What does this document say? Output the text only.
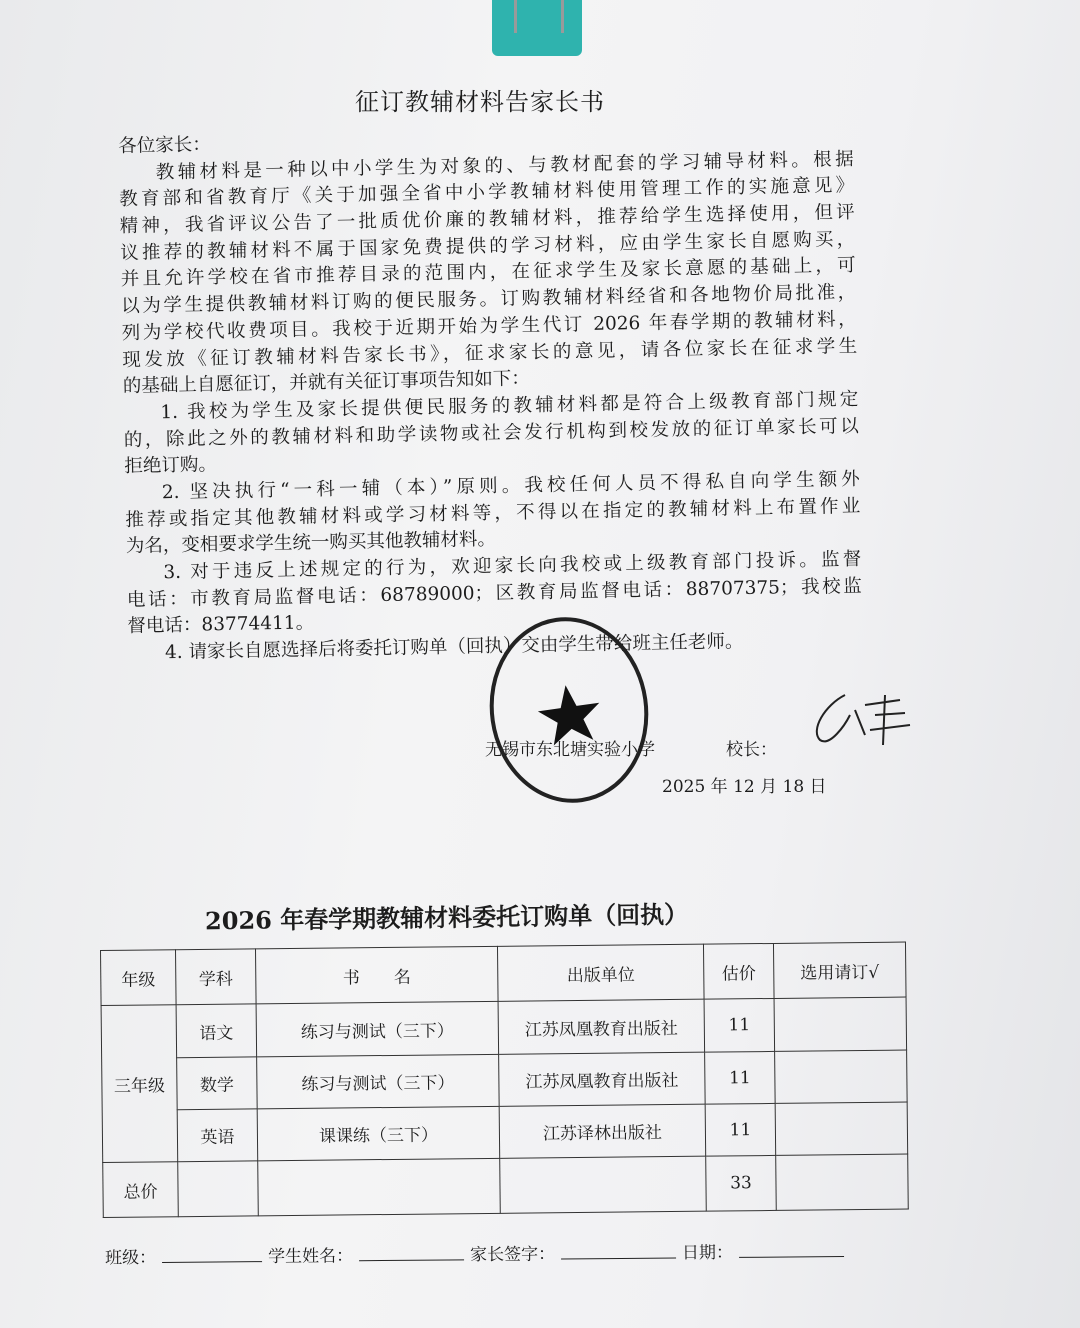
征订教辅材料告家长书
各位家长：
教辅材料是一种以中小学生为对象的、与教材配套的学习辅导材料。根据
教育部和省教育厅《关于加强全省中小学教辅材料使用管理工作的实施意见》
精神，我省评议公告了一批质优价廉的教辅材料，推荐给学生选择使用，但评
议推荐的教辅材料不属于国家免费提供的学习材料，应由学生家长自愿购买，
并且允许学校在省市推荐目录的范围内，在征求学生及家长意愿的基础上，可
以为学生提供教辅材料订购的便民服务。订购教辅材料经省和各地物价局批准，
列为学校代收费项目。我校于近期开始为学生代订 2026 年春学期的教辅材料，
现发放《征订教辅材料告家长书》，征求家长的意见，请各位家长在征求学生
的基础上自愿征订，并就有关征订事项告知如下：
1. 我校为学生及家长提供便民服务的教辅材料都是符合上级教育部门规定
的，除此之外的教辅材料和助学读物或社会发行机构到校发放的征订单家长可以
拒绝订购。
2. 坚决执行“一科一辅（本）”原则。我校任何人员不得私自向学生额外
推荐或指定其他教辅材料或学习材料等，不得以在指定的教辅材料上布置作业
为名，变相要求学生统一购买其他教辅材料。
3. 对于违反上述规定的行为，欢迎家长向我校或上级教育部门投诉。监督
电话：市教育局监督电话：68789000；区教育局监督电话：88707375；我校监
督电话：83774411。
4. 请家长自愿选择后将委托订购单（回执）交由学生带给班主任老师。
无锡市东北塘实验小学	校长：
2025 年 12 月 18 日
2026 年春学期教辅材料委托订购单（回执）
年级	学科	书　　名	出版单位	估价	选用请订√
三年级	语文	练习与测试（三下）	江苏凤凰教育出版社	11	
	数学	练习与测试（三下）	江苏凤凰教育出版社	11	
	英语	课课练（三下）	江苏译林出版社	11	
总价				33	
班级：	学生姓名：	家长签字：	日期：
